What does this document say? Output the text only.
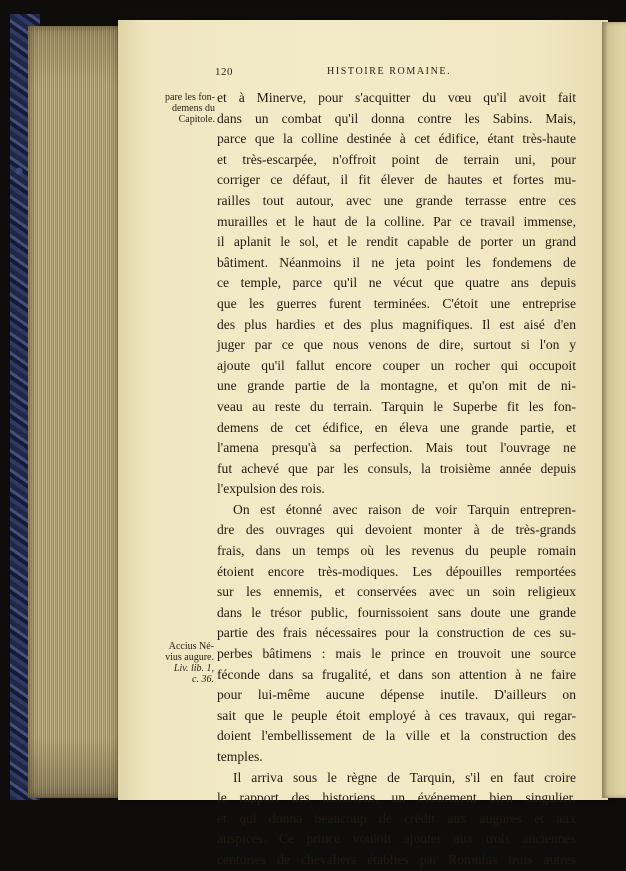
120	HISTOIRE ROMAINE.
pare les fon-
demens du
Capitole.
Accius Né-
vius augure.
Liv. lib. 1,
c. 36.
et à Minerve, pour s'acquitter du vœu qu'il avoit fait
dans un combat qu'il donna contre les Sabins. Mais,
parce que la colline destinée à cet édifice, étant très-haute
et très-escarpée, n'offroit point de terrain uni, pour
corriger ce défaut, il fit élever de hautes et fortes mu-
railles tout autour, avec une grande terrasse entre ces
murailles et le haut de la colline. Par ce travail immense,
il aplanit le sol, et le rendit capable de porter un grand
bâtiment. Néanmoins il ne jeta point les fondemens de
ce temple, parce qu'il ne vécut que quatre ans depuis
que les guerres furent terminées. C'étoit une entreprise
des plus hardies et des plus magnifiques. Il est aisé d'en
juger par ce que nous venons de dire, surtout si l'on y
ajoute qu'il fallut encore couper un rocher qui occupoit
une grande partie de la montagne, et qu'on mit de ni-
veau au reste du terrain. Tarquin le Superbe fit les fon-
demens de cet édifice, en éleva une grande partie, et
l'amena presqu'à sa perfection. Mais tout l'ouvrage ne
fut achevé que par les consuls, la troisième année depuis
l'expulsion des rois.
On est étonné avec raison de voir Tarquin entrepren-
dre des ouvrages qui devoient monter à de très-grands
frais, dans un temps où les revenus du peuple romain
étoient encore très-modiques. Les dépouilles remportées
sur les ennemis, et conservées avec un soin religieux
dans le trésor public, fournissoient sans doute une grande
partie des frais nécessaires pour la construction de ces su-
perbes bâtimens : mais le prince en trouvoit une source
féconde dans sa frugalité, et dans son attention à ne faire
pour lui-même aucune dépense inutile. D'ailleurs on
sait que le peuple étoit employé à ces travaux, qui regar-
doient l'embellissement de la ville et la construction des
temples.
Il arriva sous le règne de Tarquin, s'il en faut croire
le rapport des historiens, un événement bien singulier,
et qui donna beaucoup de crédit aux augures et aux
auspices. Ce prince vouloit ajouter aux trois anciennes
centuries de chevaliers établies par Romulus trois autres
